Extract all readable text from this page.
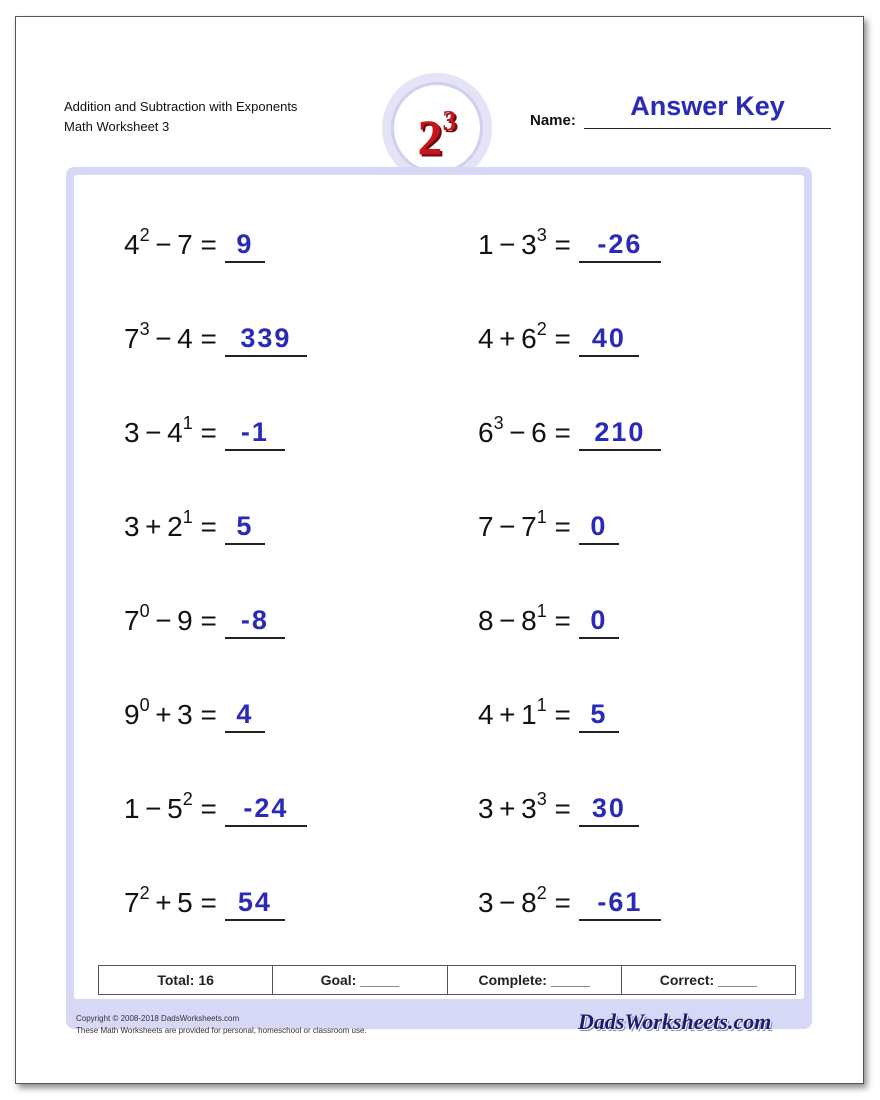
Addition and Subtraction with Exponents
Math Worksheet 3	$2^3$	Name:	Answer Key
Total: 16	Goal: _____	Complete: _____	Correct: _____
$4^2 - 7 = 9$	$1 - 3^3 = -26$
$7^3 - 4 = 339$	$4 + 6^2 = 40$
$3 - 4^1 = -1$	$6^3 - 6 = 210$
$3 + 2^1 = 5$	$7 - 7^1 = 0$
$7^0 - 9 = -8$	$8 - 8^1 = 0$
$9^0 + 3 = 4$	$4 + 1^1 = 5$
$1 - 5^2 = -24$	$3 + 3^3 = 30$
$7^2 + 5 = 54$	$3 - 8^2 = -61$
Copyright © 2008-2018 DadsWorksheets.com
These Math Worksheets are provided for personal, homeschool or classroom use.	DadsWorksheets.com
